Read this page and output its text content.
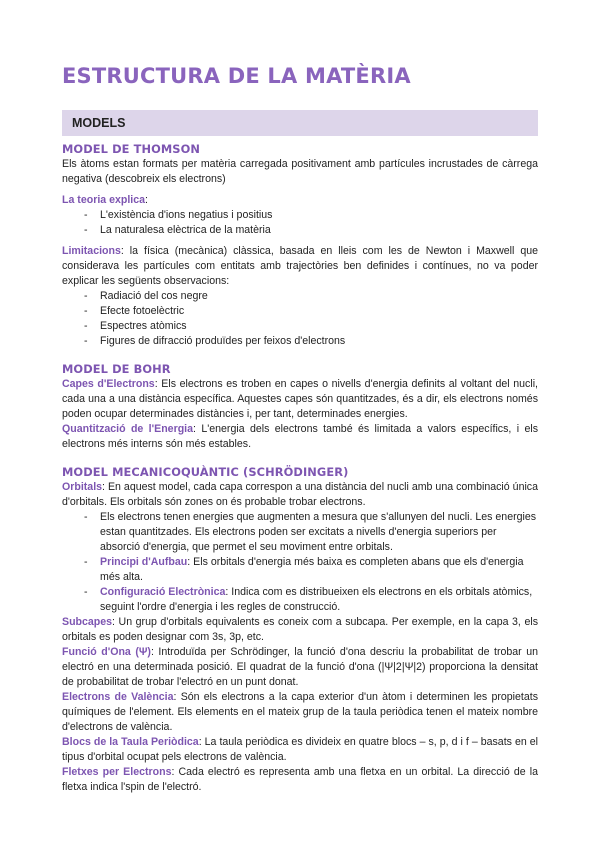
ESTRUCTURA DE LA MATÈRIA
MODELS
MODEL DE THOMSON

Els àtoms estan formats per matèria carregada positivament amb partícules incrustades de càrrega negativa (descobreix els electrons)

La teoria explica:

- L'existència d'ions negatius i positius
- La naturalesa elèctrica de la matèria

Limitacions: la física (mecànica) clàssica, basada en lleis com les de Newton i Maxwell que considerava les partícules com entitats amb trajectòries ben definides i contínues, no va poder explicar les següents observacions:

- Radiació del cos negre
- Efecte fotoelèctric
- Espectres atòmics
- Figures de difracció produïdes per feixos d'electrons
MODEL DE BOHR

Capes d'Electrons: Els electrons es troben en capes o nivells d'energia definits al voltant del nucli, cada una a una distància específica. Aquestes capes són quantitzades, és a dir, els electrons només poden ocupar determinades distàncies i, per tant, determinades energies.

Quantització de l'Energia: L'energia dels electrons també és limitada a valors específics, i els electrons més interns són més estables.

MODEL MECANICOQUÀNTIC (SCHRÖDINGER)

Orbitals: En aquest model, cada capa correspon a una distància del nucli amb una combinació única d'orbitals. Els orbitals són zones on és probable trobar electrons.

- Els electrons tenen energies que augmenten a mesura que s'allunyen del nucli. Les energies estan quantitzades. Els electrons poden ser excitats a nivells d'energia superiors per absorció d'energia, que permet el seu moviment entre orbitals.
- Principi d'Aufbau: Els orbitals d'energia més baixa es completen abans que els d'energia més alta.
- Configuració Electrònica: Indica com es distribueixen els electrons en els orbitals atòmics, seguint l'ordre d'energia i les regles de construcció.

Subcapes: Un grup d'orbitals equivalents es coneix com a subcapa. Per exemple, en la capa 3, els orbitals es poden designar com 3s, 3p, etc.

Funció d'Ona (Ψ): Introduïda per Schrödinger, la funció d'ona descriu la probabilitat de trobar un electró en una determinada posició. El quadrat de la funció d'ona (|Ψ|2|Ψ|2) proporciona la densitat de probabilitat de trobar l'electró en un punt donat.

Electrons de València: Són els electrons a la capa exterior d'un àtom i determinen les propietats químiques de l'element. Els elements en el mateix grup de la taula periòdica tenen el mateix nombre d'electrons de valència.

Blocs de la Taula Periòdica: La taula periòdica es divideix en quatre blocs – s, p, d i f – basats en el tipus d'orbital ocupat pels electrons de valència.

Fletxes per Electrons: Cada electró es representa amb una fletxa en un orbital. La direcció de la fletxa indica l'spin de l'electró.
